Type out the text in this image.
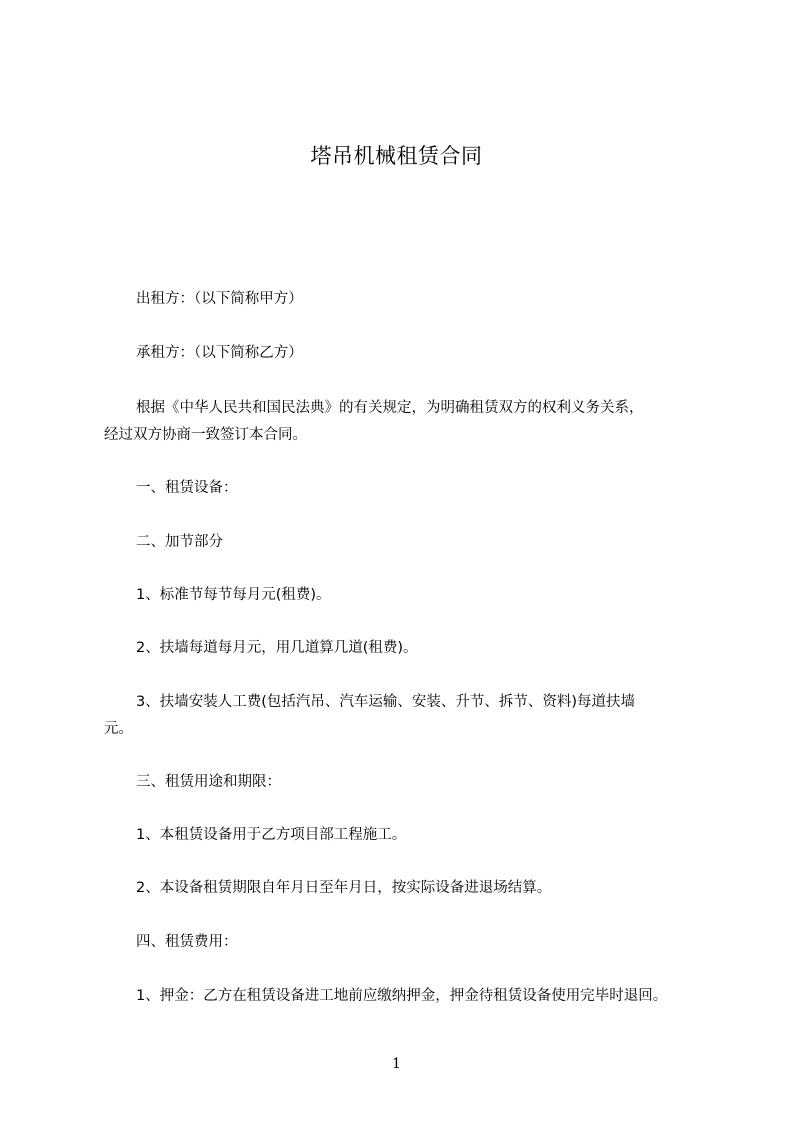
塔吊机械租赁合同
出租方：（以下简称甲方）
承租方：（以下简称乙方）
根据《中华人民共和国民法典》的有关规定，为明确租赁双方的权利义务关系，
经过双方协商一致签订本合同。
一、租赁设备：
二、加节部分
1、标准节每节每月元(租费)。
2、扶墙每道每月元，用几道算几道(租费)。
3、扶墙安装人工费(包括汽吊、汽车运输、安装、升节、拆节、资料)每道扶墙
元。
三、租赁用途和期限：
1、本租赁设备用于乙方项目部工程施工。
2、本设备租赁期限自年月日至年月日，按实际设备进退场结算。
四、租赁费用：
1、押金：乙方在租赁设备进工地前应缴纳押金，押金待租赁设备使用完毕时退回。
1
